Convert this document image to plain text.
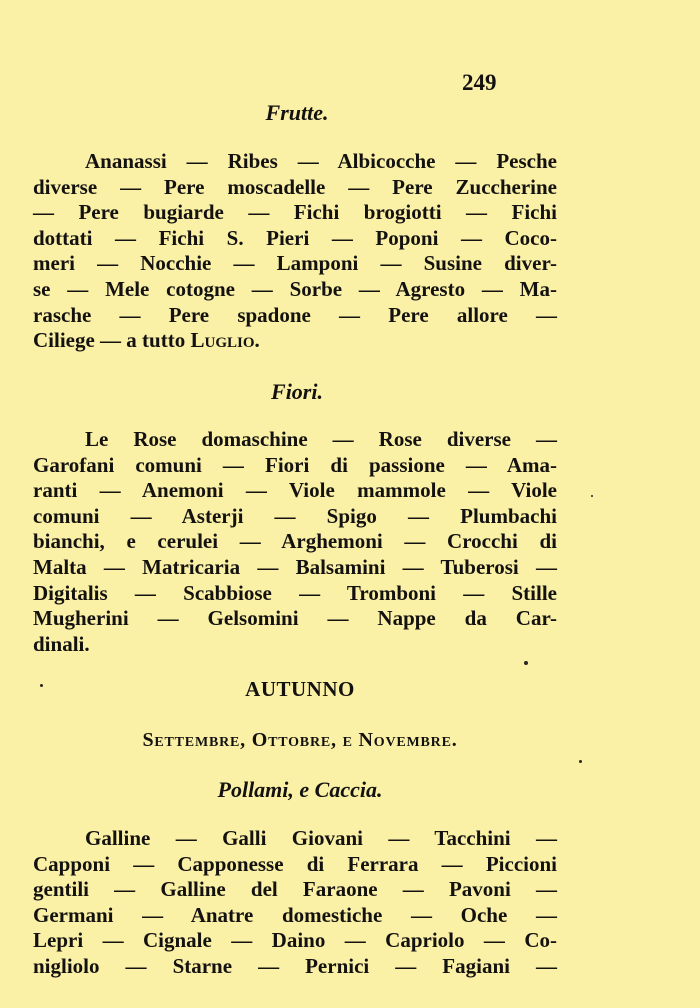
249
Frutte.

Ananassi — Ribes — Albicocche — Pesche
diverse — Pere moscadelle — Pere Zuccherine
— Pere bugiarde — Fichi brogiotti — Fichi
dottati — Fichi S. Pieri — Poponi — Coco-
meri — Nocchie — Lamponi — Susine diver-
se — Mele cotogne — Sorbe — Agresto — Ma-
rasche — Pere spadone — Pere allore —
Ciliege — a tutto Luglio.

Fiori.

Le Rose domaschine — Rose diverse —
Garofani comuni — Fiori di passione — Ama-
ranti — Anemoni — Viole mammole — Viole
comuni — Asterji — Spigo — Plumbachi
bianchi, e cerulei — Arghemoni — Crocchi di
Malta — Matricaria — Balsamini — Tuberosi —
Digitalis — Scabbiose — Tromboni — Stille
Mugherini — Gelsomini — Nappe da Car-
dinali.

AUTUNNO
Settembre, Ottobre, e Novembre.
Pollami, e Caccia.

Galline — Galli Giovani — Tacchini —
Capponi — Capponesse di Ferrara — Piccioni
gentili — Galline del Faraone — Pavoni —
Germani — Anatre domestiche — Oche —
Lepri — Cignale — Daino — Capriolo — Co-
nigliolo — Starne — Pernici — Fagiani —
